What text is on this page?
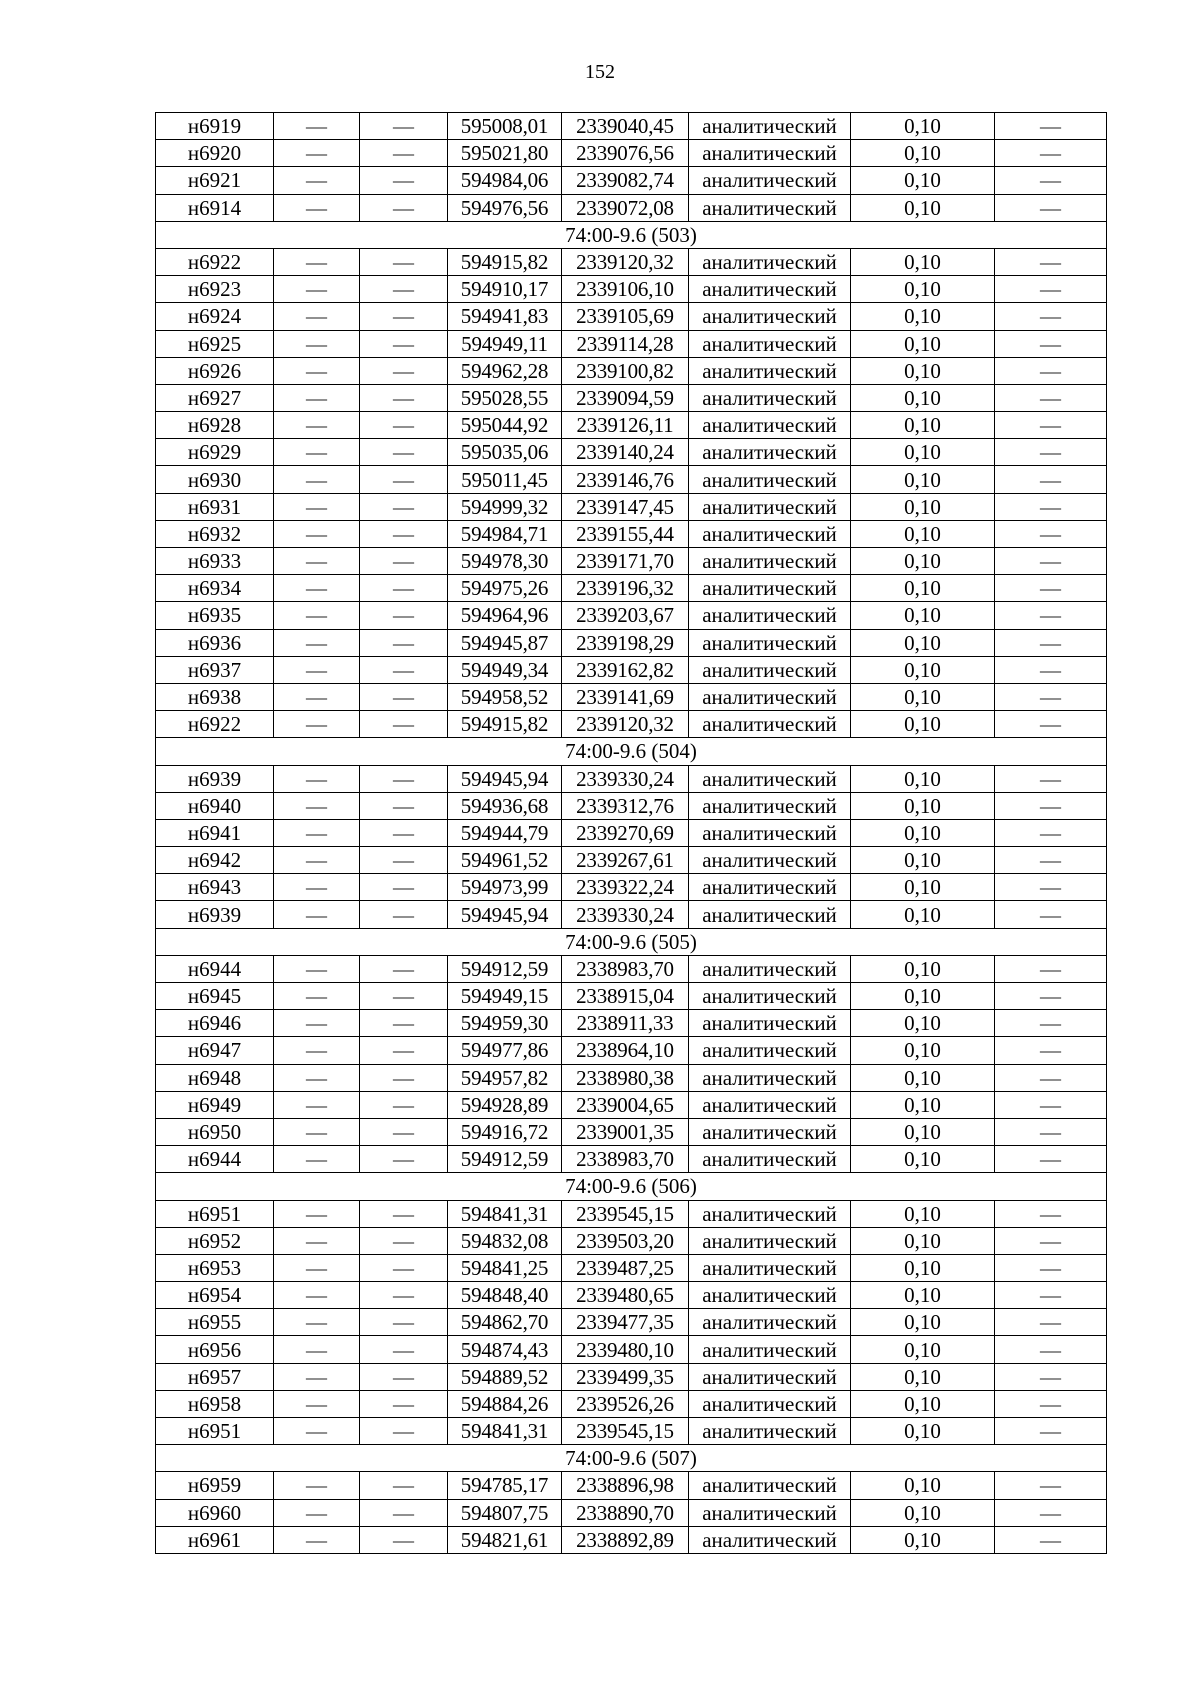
152
н6919	—	—	595008,01	2339040,45	аналитический	0,10	—
н6920	—	—	595021,80	2339076,56	аналитический	0,10	—
н6921	—	—	594984,06	2339082,74	аналитический	0,10	—
н6914	—	—	594976,56	2339072,08	аналитический	0,10	—
74:00-9.6 (503)							
н6922	—	—	594915,82	2339120,32	аналитический	0,10	—
н6923	—	—	594910,17	2339106,10	аналитический	0,10	—
н6924	—	—	594941,83	2339105,69	аналитический	0,10	—
н6925	—	—	594949,11	2339114,28	аналитический	0,10	—
н6926	—	—	594962,28	2339100,82	аналитический	0,10	—
н6927	—	—	595028,55	2339094,59	аналитический	0,10	—
н6928	—	—	595044,92	2339126,11	аналитический	0,10	—
н6929	—	—	595035,06	2339140,24	аналитический	0,10	—
н6930	—	—	595011,45	2339146,76	аналитический	0,10	—
н6931	—	—	594999,32	2339147,45	аналитический	0,10	—
н6932	—	—	594984,71	2339155,44	аналитический	0,10	—
н6933	—	—	594978,30	2339171,70	аналитический	0,10	—
н6934	—	—	594975,26	2339196,32	аналитический	0,10	—
н6935	—	—	594964,96	2339203,67	аналитический	0,10	—
н6936	—	—	594945,87	2339198,29	аналитический	0,10	—
н6937	—	—	594949,34	2339162,82	аналитический	0,10	—
н6938	—	—	594958,52	2339141,69	аналитический	0,10	—
н6922	—	—	594915,82	2339120,32	аналитический	0,10	—
74:00-9.6 (504)							
н6939	—	—	594945,94	2339330,24	аналитический	0,10	—
н6940	—	—	594936,68	2339312,76	аналитический	0,10	—
н6941	—	—	594944,79	2339270,69	аналитический	0,10	—
н6942	—	—	594961,52	2339267,61	аналитический	0,10	—
н6943	—	—	594973,99	2339322,24	аналитический	0,10	—
н6939	—	—	594945,94	2339330,24	аналитический	0,10	—
74:00-9.6 (505)							
н6944	—	—	594912,59	2338983,70	аналитический	0,10	—
н6945	—	—	594949,15	2338915,04	аналитический	0,10	—
н6946	—	—	594959,30	2338911,33	аналитический	0,10	—
н6947	—	—	594977,86	2338964,10	аналитический	0,10	—
н6948	—	—	594957,82	2338980,38	аналитический	0,10	—
н6949	—	—	594928,89	2339004,65	аналитический	0,10	—
н6950	—	—	594916,72	2339001,35	аналитический	0,10	—
н6944	—	—	594912,59	2338983,70	аналитический	0,10	—
74:00-9.6 (506)							
н6951	—	—	594841,31	2339545,15	аналитический	0,10	—
н6952	—	—	594832,08	2339503,20	аналитический	0,10	—
н6953	—	—	594841,25	2339487,25	аналитический	0,10	—
н6954	—	—	594848,40	2339480,65	аналитический	0,10	—
н6955	—	—	594862,70	2339477,35	аналитический	0,10	—
н6956	—	—	594874,43	2339480,10	аналитический	0,10	—
н6957	—	—	594889,52	2339499,35	аналитический	0,10	—
н6958	—	—	594884,26	2339526,26	аналитический	0,10	—
н6951	—	—	594841,31	2339545,15	аналитический	0,10	—
74:00-9.6 (507)							
н6959	—	—	594785,17	2338896,98	аналитический	0,10	—
н6960	—	—	594807,75	2338890,70	аналитический	0,10	—
н6961	—	—	594821,61	2338892,89	аналитический	0,10	—
